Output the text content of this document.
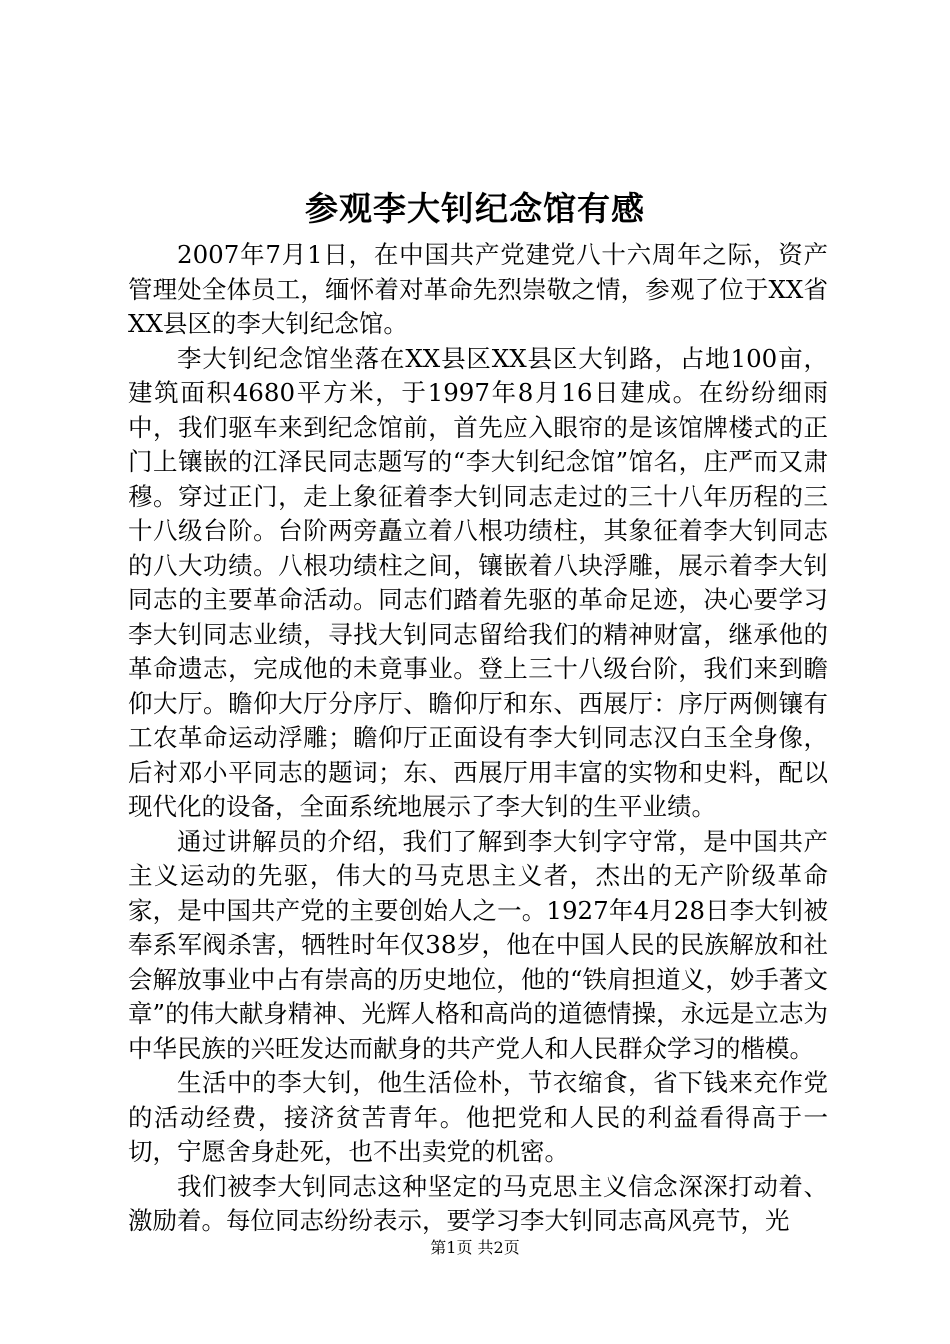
参观李大钊纪念馆有感

2007年7月1日，在中国共产党建党八十六周年之际，资产管理处全体员工，缅怀着对革命先烈崇敬之情，参观了位于XX省XX县区的李大钊纪念馆。

李大钊纪念馆坐落在XX县区XX县区大钊路，占地100亩，建筑面积4680平方米，于1997年8月16日建成。在纷纷细雨中，我们驱车来到纪念馆前，首先应入眼帘的是该馆牌楼式的正门上镶嵌的江泽民同志题写的“李大钊纪念馆”馆名，庄严而又肃穆。穿过正门，走上象征着李大钊同志走过的三十八年历程的三十八级台阶。台阶两旁矗立着八根功绩柱，其象征着李大钊同志的八大功绩。八根功绩柱之间，镶嵌着八块浮雕，展示着李大钊同志的主要革命活动。同志们踏着先驱的革命足迹，决心要学习李大钊同志业绩，寻找大钊同志留给我们的精神财富，继承他的革命遗志，完成他的未竟事业。登上三十八级台阶，我们来到瞻仰大厅。瞻仰大厅分序厅、瞻仰厅和东、西展厅：序厅两侧镶有工农革命运动浮雕；瞻仰厅正面设有李大钊同志汉白玉全身像，后衬邓小平同志的题词；东、西展厅用丰富的实物和史料，配以现代化的设备，全面系统地展示了李大钊的生平业绩。

通过讲解员的介绍，我们了解到李大钊字守常，是中国共产主义运动的先驱，伟大的马克思主义者，杰出的无产阶级革命家，是中国共产党的主要创始人之一。1927年4月28日李大钊被奉系军阀杀害，牺牲时年仅38岁，他在中国人民的民族解放和社会解放事业中占有崇高的历史地位，他的“铁肩担道义，妙手著文章”的伟大献身精神、光辉人格和高尚的道德情操，永远是立志为中华民族的兴旺发达而献身的共产党人和人民群众学习的楷模。

生活中的李大钊，他生活俭朴，节衣缩食，省下钱来充作党的活动经费，接济贫苦青年。他把党和人民的利益看得高于一切，宁愿舍身赴死，也不出卖党的机密。

我们被李大钊同志这种坚定的马克思主义信念深深打动着、激励着。每位同志纷纷表示，要学习李大钊同志高风亮节，光

第1页 共2页
